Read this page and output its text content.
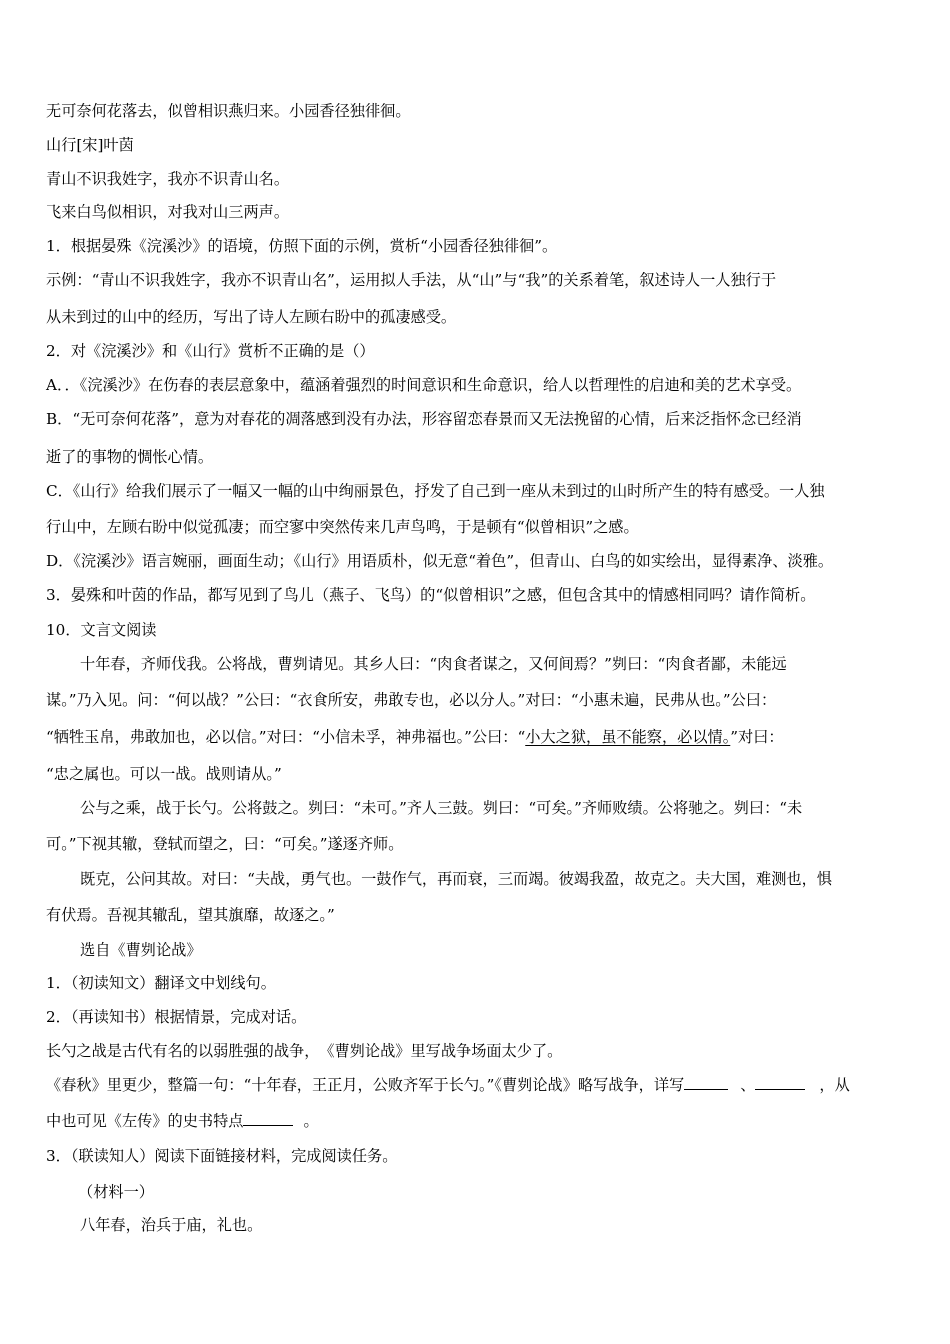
无可奈何花落去，似曾相识燕归来。小园香径独徘徊。
山行[宋]叶茵
青山不识我姓字，我亦不识青山名。
飞来白鸟似相识，对我对山三两声。
1．根据晏殊《浣溪沙》的语境，仿照下面的示例，赏析“小园香径独徘徊”。
示例：“青山不识我姓字，我亦不识青山名”，运用拟人手法，从“山”与“我”的关系着笔，叙述诗人一人独行于
从未到过的山中的经历，写出了诗人左顾右盼中的孤凄感受。
2．对《浣溪沙》和《山行》赏析不正确的是（）
A．．《浣溪沙》在伤春的表层意象中，蕴涵着强烈的时间意识和生命意识，给人以哲理性的启迪和美的艺术享受。
B．“无可奈何花落”，意为对春花的凋落感到没有办法，形容留恋春景而又无法挽留的心情，后来泛指怀念已经消
逝了的事物的惆怅心情。
C．《山行》给我们展示了一幅又一幅的山中绚丽景色，抒发了自己到一座从未到过的山时所产生的特有感受。一人独
行山中，左顾右盼中似觉孤凄；而空寥中突然传来几声鸟鸣，于是顿有“似曾相识”之感。
D．《浣溪沙》语言婉丽，画面生动；《山行》用语质朴，似无意“着色”，但青山、白鸟的如实绘出，显得素净、淡雅。
3．晏殊和叶茵的作品，都写见到了鸟儿（燕子、飞鸟）的“似曾相识”之感，但包含其中的情感相同吗？请作简析。
10．文言文阅读
十年春，齐师伐我。公将战，曹刿请见。其乡人曰：“肉食者谋之，又何间焉？”刿曰：“肉食者鄙，未能远
谋。”乃入见。问：“何以战？”公曰：“衣食所安，弗敢专也，必以分人。”对曰：“小惠未遍，民弗从也。”公曰：
“牺牲玉帛，弗敢加也，必以信。”对曰：“小信未孚，神弗福也。”公曰：“小大之狱，虽不能察，必以情。”对曰：
“忠之属也。可以一战。战则请从。”
公与之乘，战于长勺。公将鼓之。刿曰：“未可。”齐人三鼓。刿曰：“可矣。”齐师败绩。公将驰之。刿曰：“未
可。”下视其辙，登轼而望之，曰：“可矣。”遂逐齐师。
既克，公问其故。对曰：“夫战，勇气也。一鼓作气，再而衰，三而竭。彼竭我盈，故克之。夫大国，难测也，惧
有伏焉。吾视其辙乱，望其旗靡，故逐之。”
选自《曹刿论战》
1．（初读知文）翻译文中划线句。
2．（再读知书）根据情景，完成对话。
长勺之战是古代有名的以弱胜强的战争，　《曹刿论战》里写战争场面太少了。
《春秋》里更少，整篇一句：“十年春，王正月，公败齐军于长勺。”《曹刿论战》略写战争，详写	、	，从
中也可见《左传》的史书特点	。
3．（联读知人）阅读下面链接材料，完成阅读任务。
（材料一）
八年春，治兵于庙，礼也。
